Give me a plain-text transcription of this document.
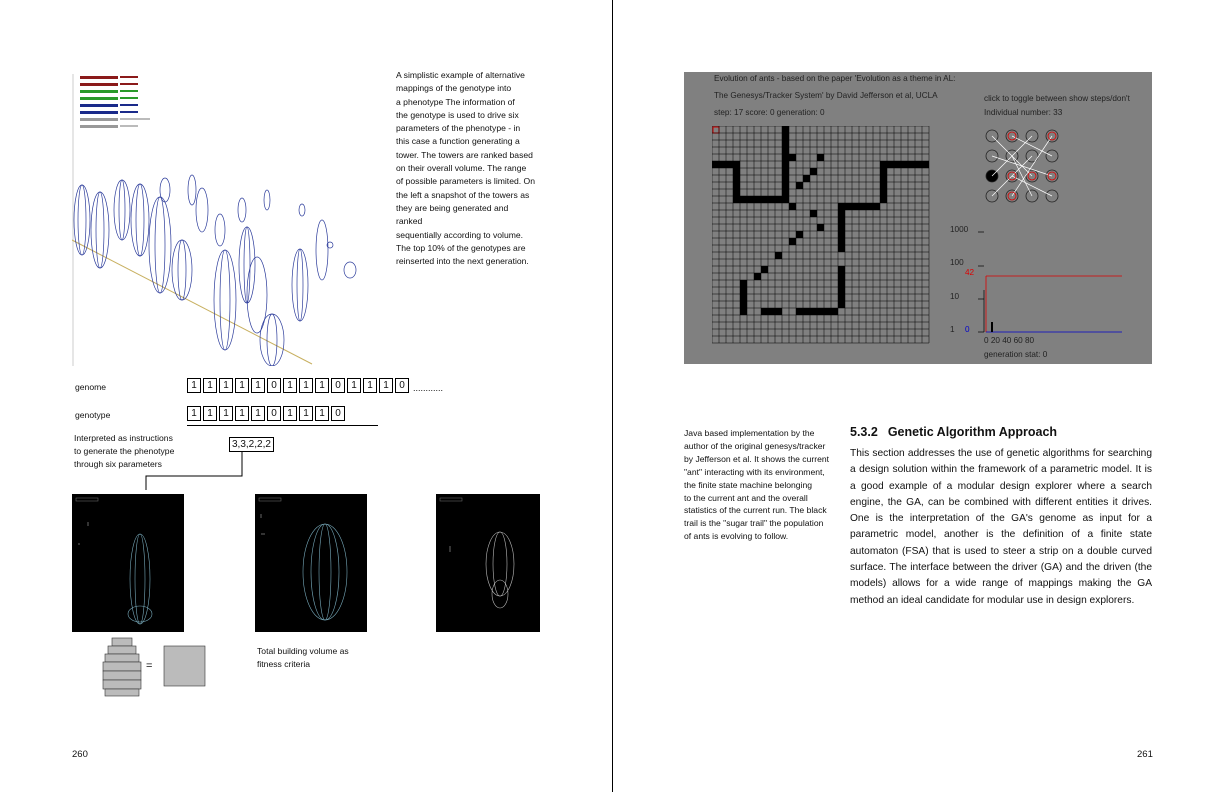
A simplistic example of alternative
mappings of the genotype into
a phenotype The information of
the genotype is used to drive six
parameters of the phenotype - in
this case a function generating a
tower. The towers are ranked based
on their overall volume. The range
of possible parameters is limited. On
the left a snapshot of the towers as
they are being generated and ranked
sequentially according to volume.
The top 10% of the genotypes are
reinserted into the next generation.
genome	1	1	1	1	1	0	1	1	1	0	1	1	1	0 ............
genotype	1	1	1	1	1	0	1	1	1	0
Interpreted as instructions
to generate the phenotype
through six parameters
3,3,2,2,2
=
Total building volume as
fitness criteria
260
Evolution of ants - based on the paper 'Evolution as a theme in AL:
The Genesys/Tracker System' by David Jefferson et al, UCLA
step: 17 score: 0 generation: 0
click to toggle between show steps/don't
Individual number: 33
1000
100
10
1
42
0
0 20 40 60 80
generation stat: 0
Java based implementation by the
author of the original genesys/tracker
by Jefferson et al. It shows the current
"ant" interacting with its environment,
the finite state machine belonging
to the current ant and the overall
statistics of the current run. The black
trail is the "sugar trail" the population
of ants is evolving to follow.
5.3.2 Genetic Algorithm Approach
This section addresses the use of genetic algorithms for searching a design solution within the framework of a parametric model. It is a good example of a modular design explorer where a search engine, the GA, can be combined with different entities it drives. One is the interpretation of the GA's genome as input for a parametric model, another is the definition of a finite state automaton (FSA) that is used to steer a strip on a double curved surface. The interface between the driver (GA) and the driven (the models) allows for a wide range of mappings making the GA method an ideal candidate for modular use in design explorers.
261
